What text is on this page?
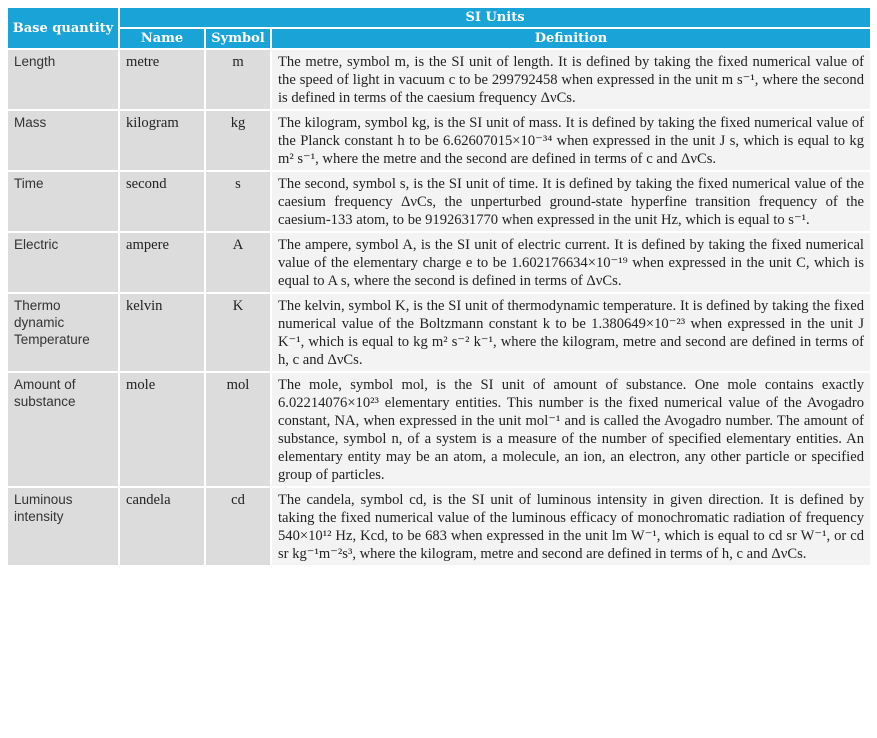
Base quantity	SI Units		
	Name	Symbol	Definition
Length	metre	m	The metre, symbol m, is the SI unit of length. It is defined by taking the fixed numerical value of the speed of light in vacuum c to be 299792458 when expressed in the unit m s⁻¹, where the second is defined in terms of the caesium frequency ΔνCs.
Mass	kilogram	kg	The kilogram, symbol kg, is the SI unit of mass. It is defined by taking the fixed numerical value of the Planck constant h to be 6.62607015×10⁻³⁴ when expressed in the unit J s, which is equal to kg m² s⁻¹, where the metre and the second are defined in terms of c and ΔνCs.
Time	second	s	The second, symbol s, is the SI unit of time. It is defined by taking the fixed numerical value of the caesium frequency ΔνCs, the unperturbed ground-state hyperfine transition frequency of the caesium-133 atom, to be 9192631770 when expressed in the unit Hz, which is equal to s⁻¹.
Electric	ampere	A	The ampere, symbol A, is the SI unit of electric current. It is defined by taking the fixed numerical value of the elementary charge e to be 1.602176634×10⁻¹⁹ when expressed in the unit C, which is equal to A s, where the second is defined in terms of ΔνCs.
Thermo dynamic Temperature	kelvin	K	The kelvin, symbol K, is the SI unit of thermodynamic temperature. It is defined by taking the fixed numerical value of the Boltzmann constant k to be 1.380649×10⁻²³ when expressed in the unit J K⁻¹, which is equal to kg m² s⁻² k⁻¹, where the kilogram, metre and second are defined in terms of h, c and ΔνCs.
Amount of substance	mole	mol	The mole, symbol mol, is the SI unit of amount of substance. One mole contains exactly 6.02214076×10²³ elementary entities. This number is the fixed numerical value of the Avogadro constant, NA, when expressed in the unit mol⁻¹ and is called the Avogadro number. The amount of substance, symbol n, of a system is a measure of the number of specified elementary entities. An elementary entity may be an atom, a molecule, an ion, an electron, any other particle or specified group of particles.
Luminous intensity	candela	cd	The candela, symbol cd, is the SI unit of luminous intensity in given direction. It is defined by taking the fixed numerical value of the luminous efficacy of monochromatic radiation of frequency 540×10¹² Hz, Kcd, to be 683 when expressed in the unit lm W⁻¹, which is equal to cd sr W⁻¹, or cd sr kg⁻¹m⁻²s³, where the kilogram, metre and second are defined in terms of h, c and ΔνCs.
